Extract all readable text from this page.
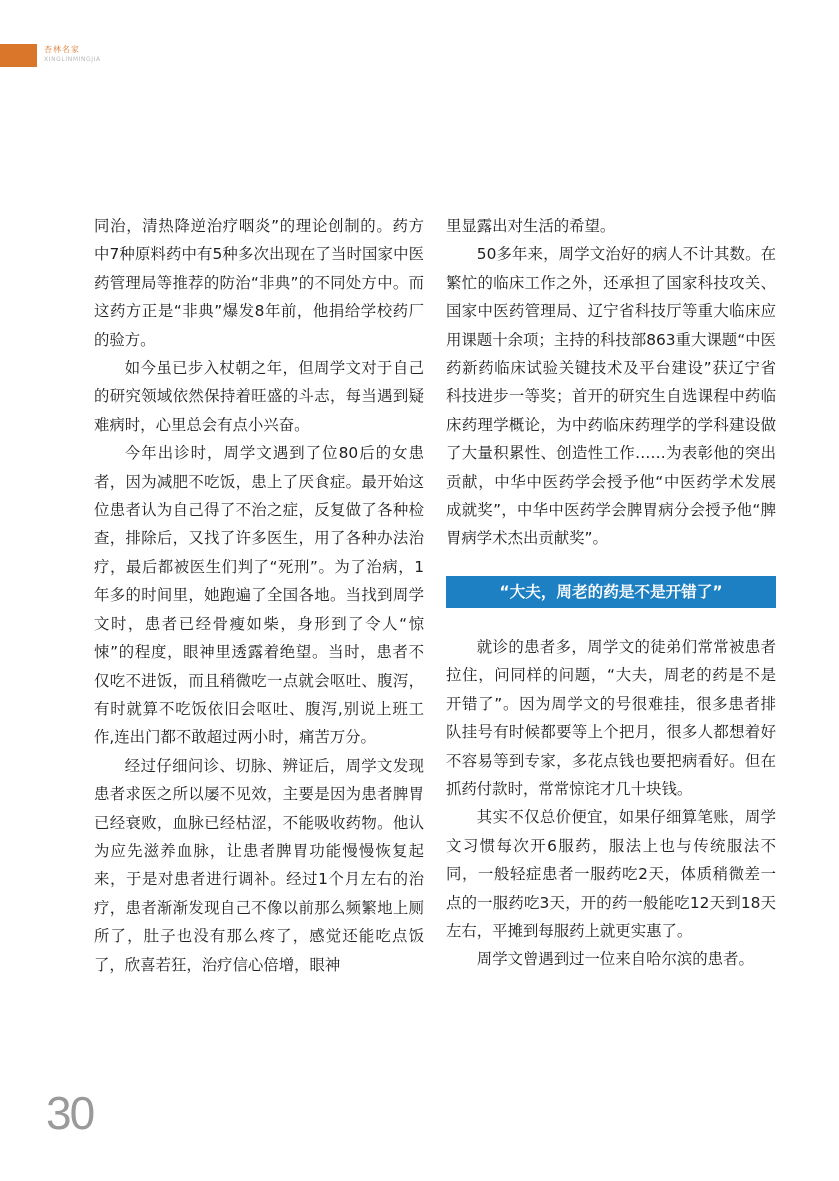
杏林名家
XINGLINMINGJIA

同治，清热降逆治疗咽炎”的理论创制的。药方中7种原料药中有5种多次出现在了当时国家中医药管理局等推荐的防治“非典”的不同处方中。而这药方正是“非典”爆发8年前，他捐给学校药厂的验方。

如今虽已步入杖朝之年，但周学文对于自己的研究领域依然保持着旺盛的斗志，每当遇到疑难病时，心里总会有点小兴奋。

今年出诊时，周学文遇到了位80后的女患者，因为减肥不吃饭，患上了厌食症。最开始这位患者认为自己得了不治之症，反复做了各种检查，排除后，又找了许多医生，用了各种办法治疗，最后都被医生们判了“死刑”。为了治病，1年多的时间里，她跑遍了全国各地。当找到周学文时，患者已经骨瘦如柴，身形到了令人“惊悚”的程度，眼神里透露着绝望。当时，患者不仅吃不进饭，而且稍微吃一点就会呕吐、腹泻，有时就算不吃饭依旧会呕吐、腹泻,别说上班工作,连出门都不敢超过两小时，痛苦万分。

经过仔细问诊、切脉、辨证后，周学文发现患者求医之所以屡不见效，主要是因为患者脾胃已经衰败，血脉已经枯涩，不能吸收药物。他认为应先滋养血脉，让患者脾胃功能慢慢恢复起来，于是对患者进行调补。经过1个月左右的治疗，患者渐渐发现自己不像以前那么频繁地上厕所了，肚子也没有那么疼了，感觉还能吃点饭了，欣喜若狂，治疗信心倍增，眼神

里显露出对生活的希望。

50多年来，周学文治好的病人不计其数。在繁忙的临床工作之外，还承担了国家科技攻关、国家中医药管理局、辽宁省科技厅等重大临床应用课题十余项；主持的科技部863重大课题“中医药新药临床试验关键技术及平台建设”获辽宁省科技进步一等奖；首开的研究生自选课程中药临床药理学概论，为中药临床药理学的学科建设做了大量积累性、创造性工作……为表彰他的突出贡献，中华中医药学会授予他“中医药学术发展成就奖”，中华中医药学会脾胃病分会授予他“脾胃病学术杰出贡献奖”。

“大夫，周老的药是不是开错了”

就诊的患者多，周学文的徒弟们常常被患者拉住，问同样的问题，“大夫，周老的药是不是开错了”。因为周学文的号很难挂，很多患者排队挂号有时候都要等上个把月，很多人都想着好不容易等到专家，多花点钱也要把病看好。但在抓药付款时，常常惊诧才几十块钱。

其实不仅总价便宜，如果仔细算笔账，周学文习惯每次开6服药，服法上也与传统服法不同，一般轻症患者一服药吃2天，体质稍微差一点的一服药吃3天，开的药一般能吃12天到18天左右，平摊到每服药上就更实惠了。

周学文曾遇到过一位来自哈尔滨的患者。

30
